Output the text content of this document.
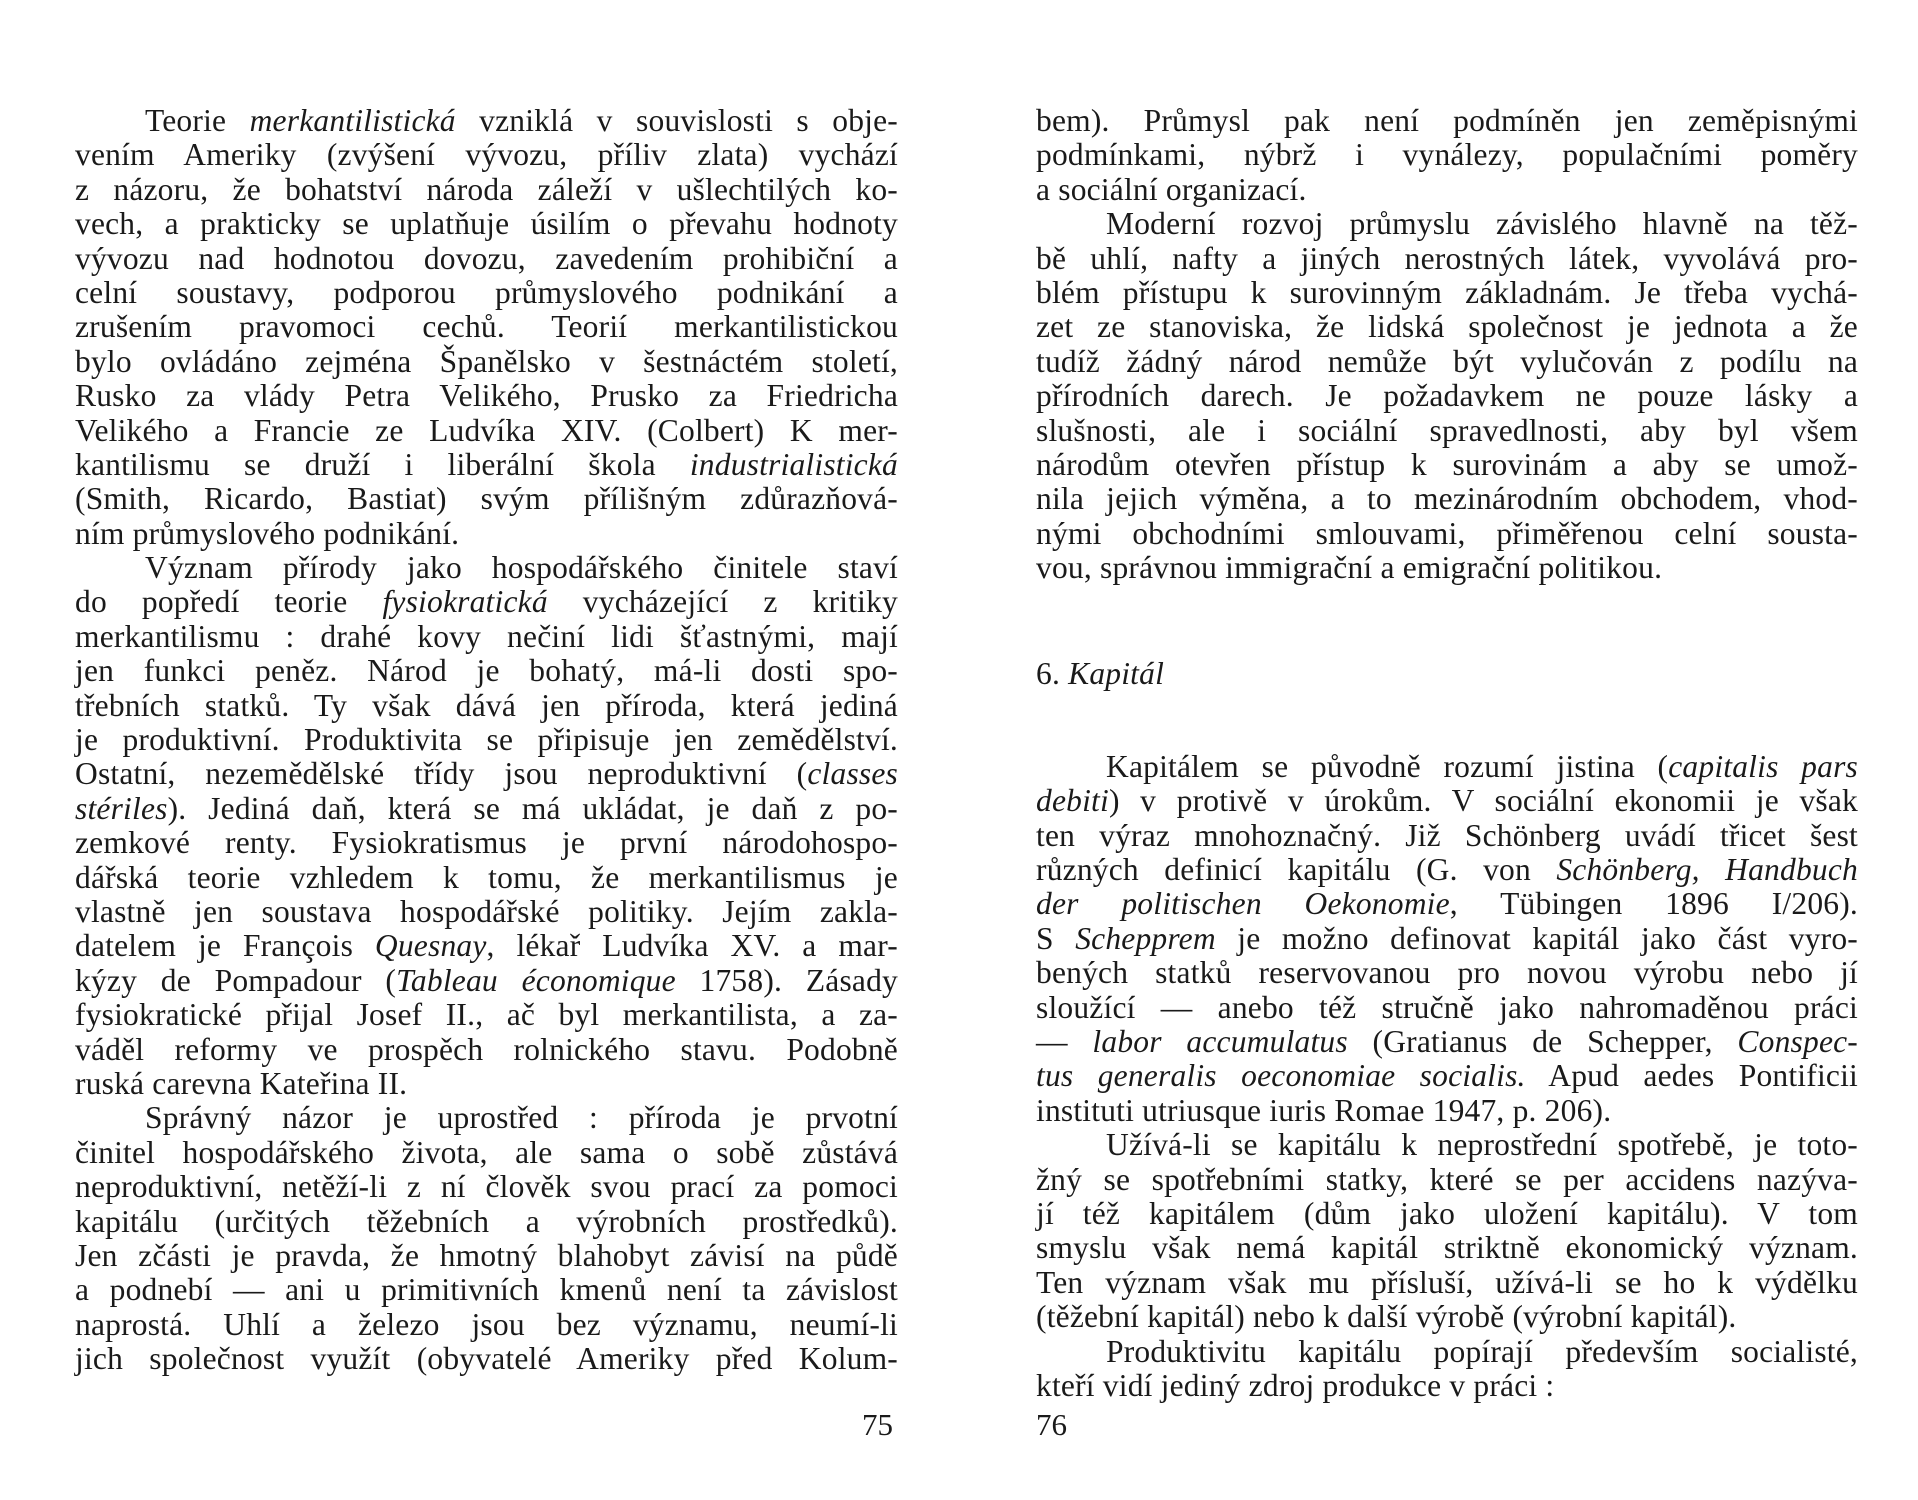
Teorie merkantilistická vzniklá v souvislosti s obje-
vením Ameriky (zvýšení vývozu, příliv zlata) vychází
z názoru, že bohatství národa záleží v ušlechtilých ko-
vech, a prakticky se uplatňuje úsilím o převahu hodnoty
vývozu nad hodnotou dovozu, zavedením prohibiční a
celní soustavy, podporou průmyslového podnikání a
zrušením pravomoci cechů. Teorií merkantilistickou
bylo ovládáno zejména Španělsko v šestnáctém století,
Rusko za vlády Petra Velikého, Prusko za Friedricha
Velikého a Francie ze Ludvíka XIV. (Colbert) K mer-
kantilismu se druží i liberální škola industrialistická
(Smith, Ricardo, Bastiat) svým přílišným zdůrazňová-
ním průmyslového podnikání.
Význam přírody jako hospodářského činitele staví
do popředí teorie fysiokratická vycházející z kritiky
merkantilismu : drahé kovy nečiní lidi šťastnými, mají
jen funkci peněz. Národ je bohatý, má-li dosti spo-
třebních statků. Ty však dává jen příroda, která jediná
je produktivní. Produktivita se připisuje jen zemědělství.
Ostatní, nezemědělské třídy jsou neproduktivní (classes
stériles). Jediná daň, která se má ukládat, je daň z po-
zemkové renty. Fysiokratismus je první národohospo-
dářská teorie vzhledem k tomu, že merkantilismus je
vlastně jen soustava hospodářské politiky. Jejím zakla-
datelem je François Quesnay, lékař Ludvíka XV. a mar-
kýzy de Pompadour (Tableau économique 1758). Zásady
fysiokratické přijal Josef II., ač byl merkantilista, a za-
váděl reformy ve prospěch rolnického stavu. Podobně
ruská carevna Kateřina II.
Správný názor je uprostřed : příroda je prvotní
činitel hospodářského života, ale sama o sobě zůstává
neproduktivní, netěží-li z ní člověk svou prací za pomoci
kapitálu (určitých těžebních a výrobních prostředků).
Jen zčásti je pravda, že hmotný blahobyt závisí na půdě
a podnebí — ani u primitivních kmenů není ta závislost
naprostá. Uhlí a železo jsou bez významu, neumí-li
jich společnost využít (obyvatelé Ameriky před Kolum-
75
bem). Průmysl pak není podmíněn jen zeměpisnými
podmínkami, nýbrž i vynálezy, populačními poměry
a sociální organizací.
Moderní rozvoj průmyslu závislého hlavně na těž-
bě uhlí, nafty a jiných nerostných látek, vyvolává pro-
blém přístupu k surovinným základnám. Je třeba vychá-
zet ze stanoviska, že lidská společnost je jednota a že
tudíž žádný národ nemůže být vylučován z podílu na
přírodních darech. Je požadavkem ne pouze lásky a
slušnosti, ale i sociální spravedlnosti, aby byl všem
národům otevřen přístup k surovinám a aby se umož-
nila jejich výměna, a to mezinárodním obchodem, vhod-
nými obchodními smlouvami, přiměřenou celní sousta-
vou, správnou immigrační a emigrační politikou.
6. Kapitál
Kapitálem se původně rozumí jistina (capitalis pars
debiti) v protivě v úrokům. V sociální ekonomii je však
ten výraz mnohoznačný. Již Schönberg uvádí třicet šest
různých definicí kapitálu (G. von Schönberg, Handbuch
der politischen Oekonomie, Tübingen 1896 I/206).
S Schepprem je možno definovat kapitál jako část vyro-
bených statků reservovanou pro novou výrobu nebo jí
sloužící — anebo též stručně jako nahromaděnou práci
— labor accumulatus (Gratianus de Schepper, Conspec-
tus generalis oeconomiae socialis. Apud aedes Pontificii
instituti utriusque iuris Romae 1947, p. 206).
Užívá-li se kapitálu k neprostřední spotřebě, je toto-
žný se spotřebními statky, které se per accidens nazýva-
jí též kapitálem (dům jako uložení kapitálu). V tom
smyslu však nemá kapitál striktně ekonomický význam.
Ten význam však mu přísluší, užívá-li se ho k výdělku
(těžební kapitál) nebo k další výrobě (výrobní kapitál).
Produktivitu kapitálu popírají především socialisté,
kteří vidí jediný zdroj produkce v práci :
76
